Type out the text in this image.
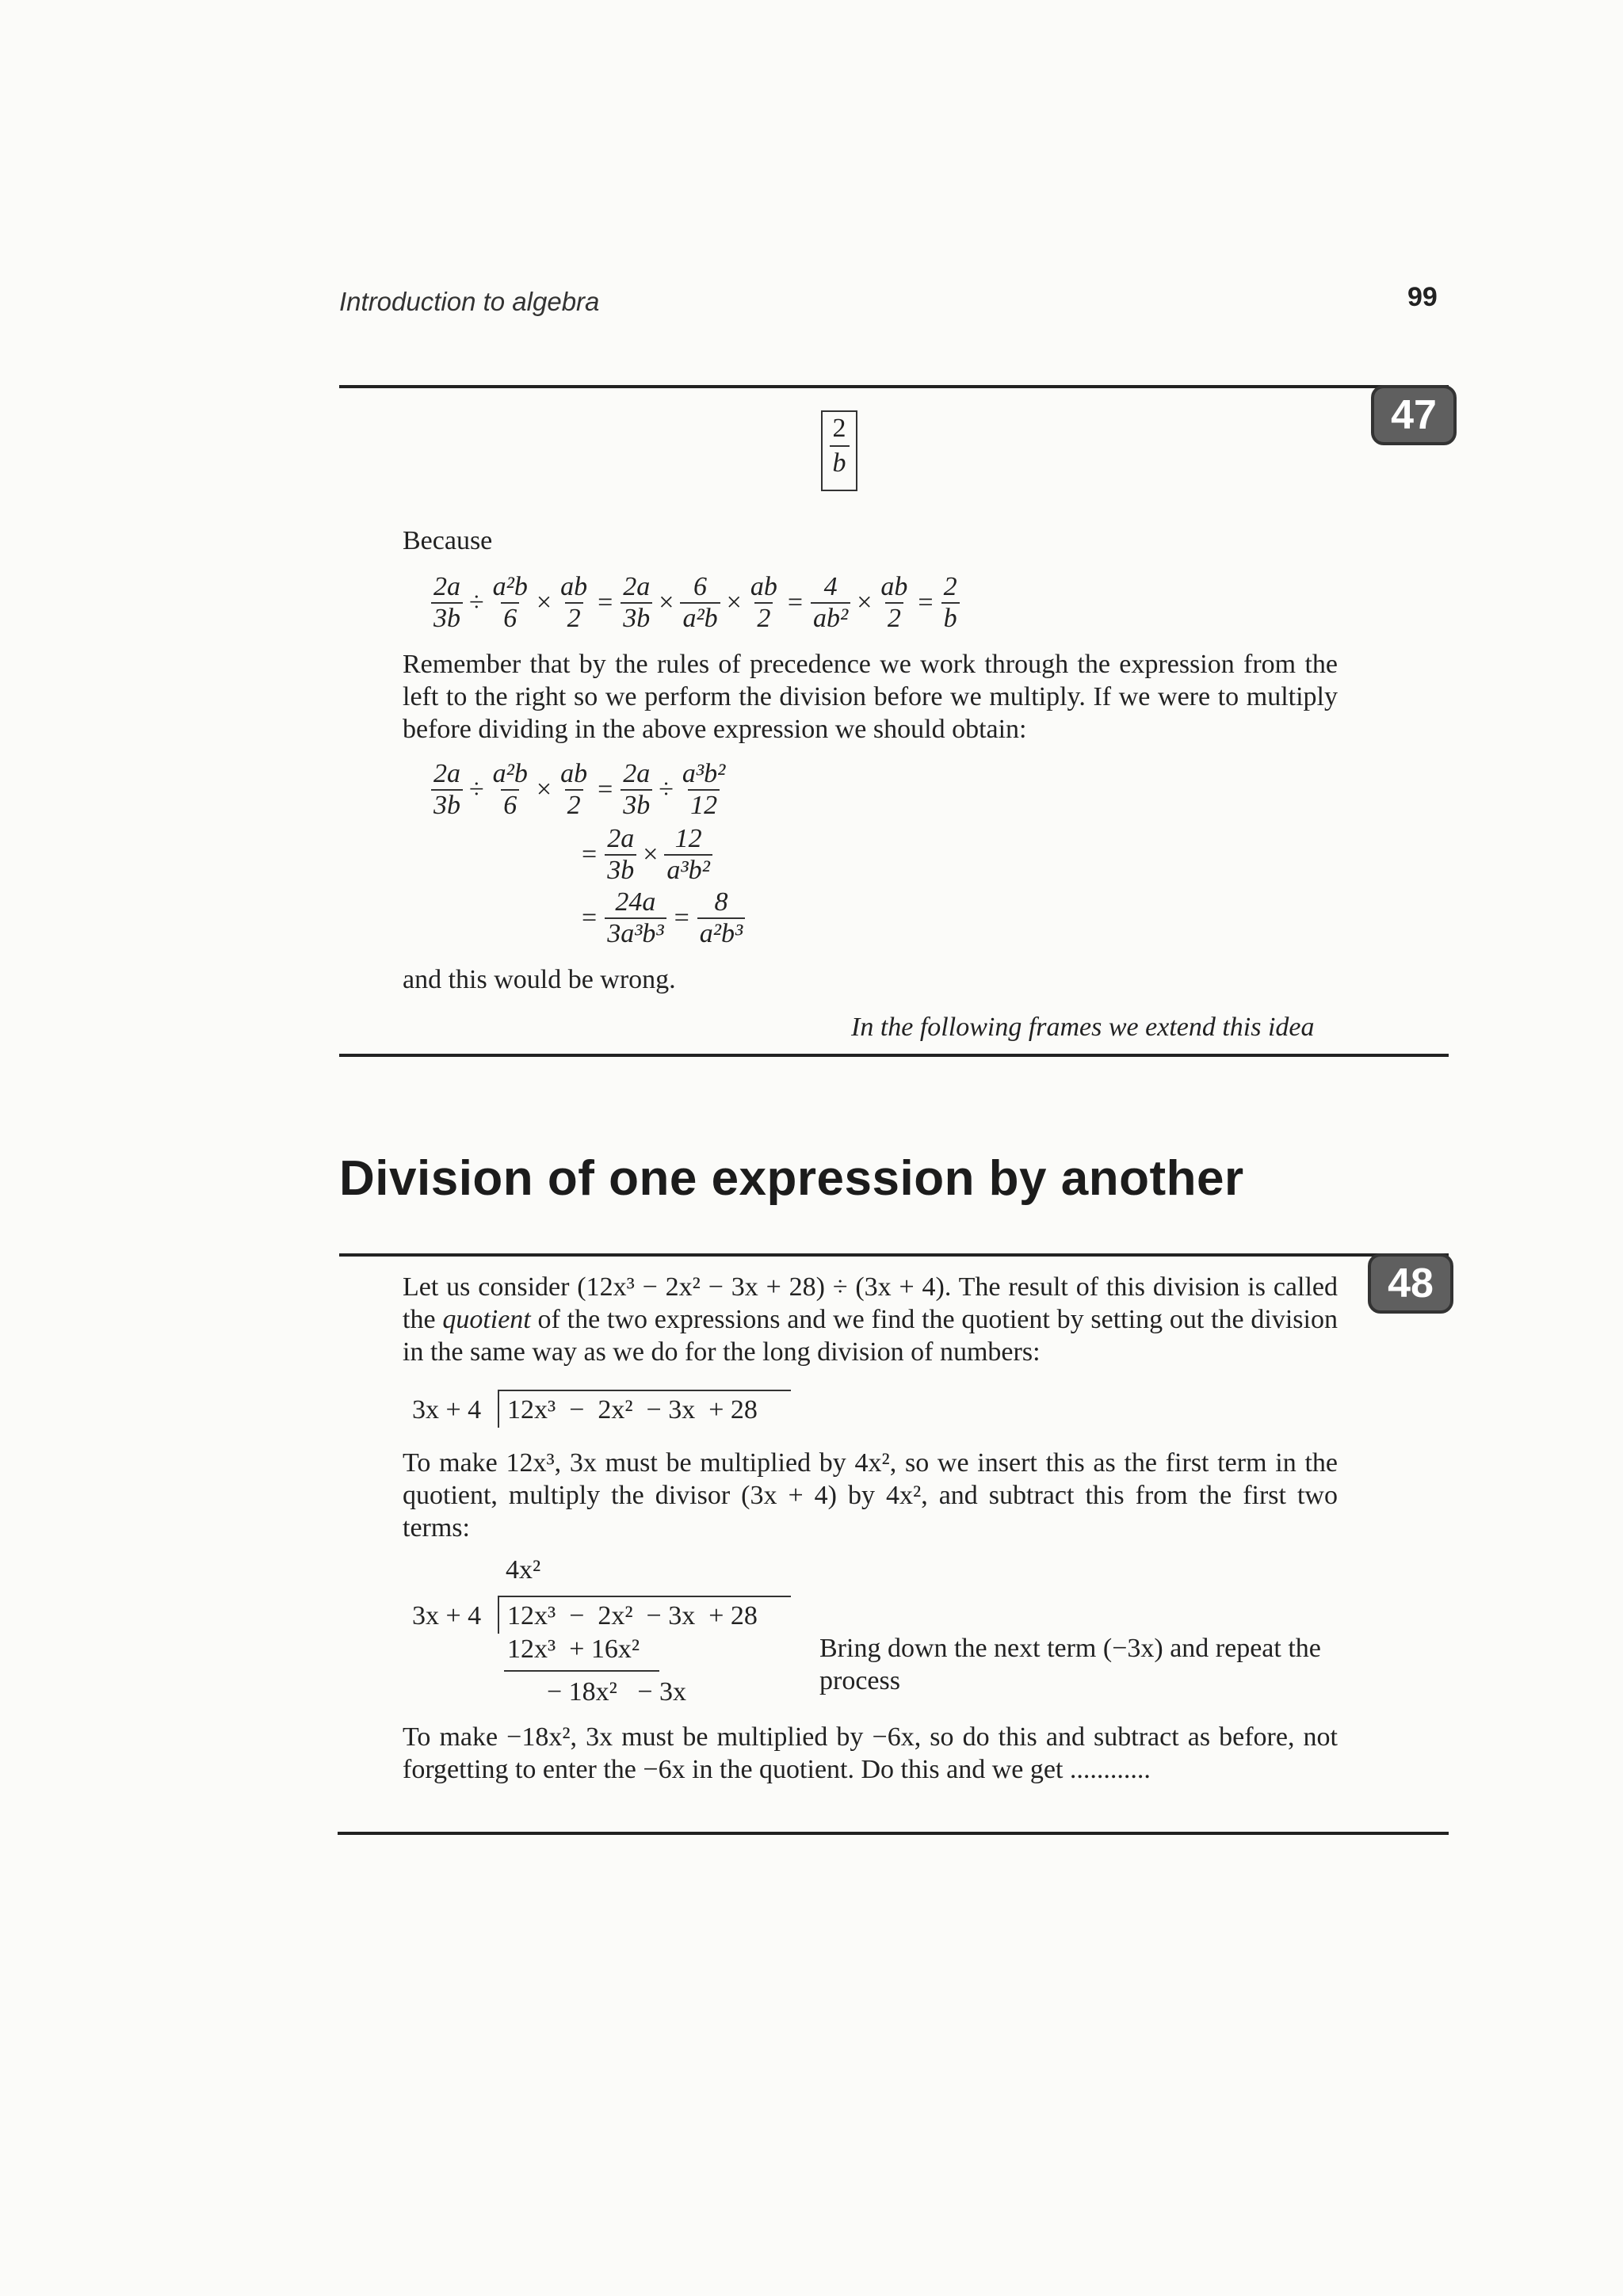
Introduction to algebra	99
47
$\frac{2}{b}$
Because
$\frac{2a}{3b} \div \frac{\text{a²b}}{6} \times \frac{ab}{2} = \frac{2a}{3b} \times \frac{6}{\text{a²b}} \times \frac{ab}{2} = \frac{4}{\text{ab²}} \times \frac{ab}{2} = \frac{2}{b}$
Remember that by the rules of precedence we work through the expression from the left to the right so we perform the division before we multiply. If we were to multiply before dividing in the above expression we should obtain:
$\frac{2a}{3b} \div \frac{\text{a²b}}{6} \times \frac{ab}{2} = \frac{2a}{3b} \div \frac{\text{a³b²}}{12}$
= $\frac{2a}{3b} \times \frac{12}{\text{a³b²}}$
= $\frac{24a}{\text{3a³b³}} = \frac{8}{\text{a²b³}}$
and this would be wrong.
In the following frames we extend this idea
Division of one expression by another
48
Let us consider (12x³ − 2x² − 3x + 28) ÷ (3x + 4). The result of this division is called the quotient of the two expressions and we find the quotient by setting out the division in the same way as we do for the long division of numbers:
3x + 4 12x³  −  2x²  − 3x  + 28
To make 12x³, 3x must be multiplied by 4x², so we insert this as the first term in the quotient, multiply the divisor (3x + 4) by 4x², and subtract this from the first two terms:
4x²
3x + 4 12x³  −  2x²  − 3x  + 28
12x³  + 16x²
− 18x²   − 3x
Bring down the next term (−3x) and repeat the process
To make −18x², 3x must be multiplied by −6x, so do this and subtract as before, not forgetting to enter the −6x in the quotient. Do this and we get ............
